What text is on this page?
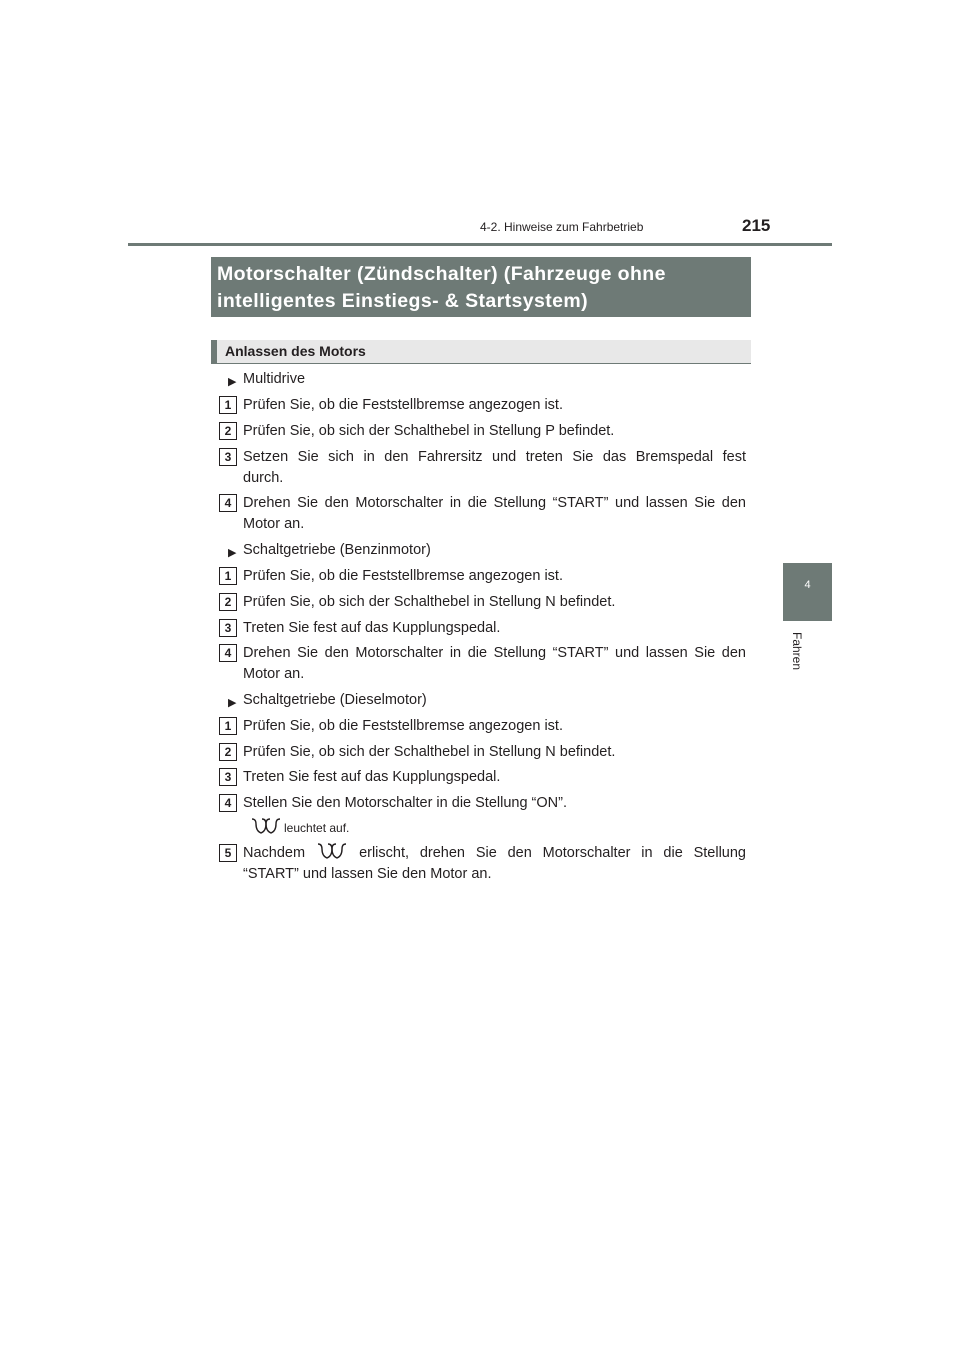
4-2. Hinweise zum Fahrbetrieb	215
4
Fahren
Motorschalter (Zündschalter) (Fahrzeuge ohne
intelligentes Einstiegs- & Startsystem)
Anlassen des Motors
▶ Multidrive
1 Prüfen Sie, ob die Feststellbremse angezogen ist.
2 Prüfen Sie, ob sich der Schalthebel in Stellung P befindet.
3 Setzen Sie sich in den Fahrersitz und treten Sie das Bremspedal fest
durch.
4 Drehen Sie den Motorschalter in die Stellung “START” und lassen Sie den
Motor an.
▶ Schaltgetriebe (Benzinmotor)
1 Prüfen Sie, ob die Feststellbremse angezogen ist.
2 Prüfen Sie, ob sich der Schalthebel in Stellung N befindet.
3 Treten Sie fest auf das Kupplungspedal.
4 Drehen Sie den Motorschalter in die Stellung “START” und lassen Sie den
Motor an.
▶ Schaltgetriebe (Dieselmotor)
1 Prüfen Sie, ob die Feststellbremse angezogen ist.
2 Prüfen Sie, ob sich der Schalthebel in Stellung N befindet.
3 Treten Sie fest auf das Kupplungspedal.
4 Stellen Sie den Motorschalter in die Stellung “ON”.
leuchtet auf.
5 Nachdem	erlischt, drehen Sie den Motorschalter in die Stellung
“START” und lassen Sie den Motor an.
